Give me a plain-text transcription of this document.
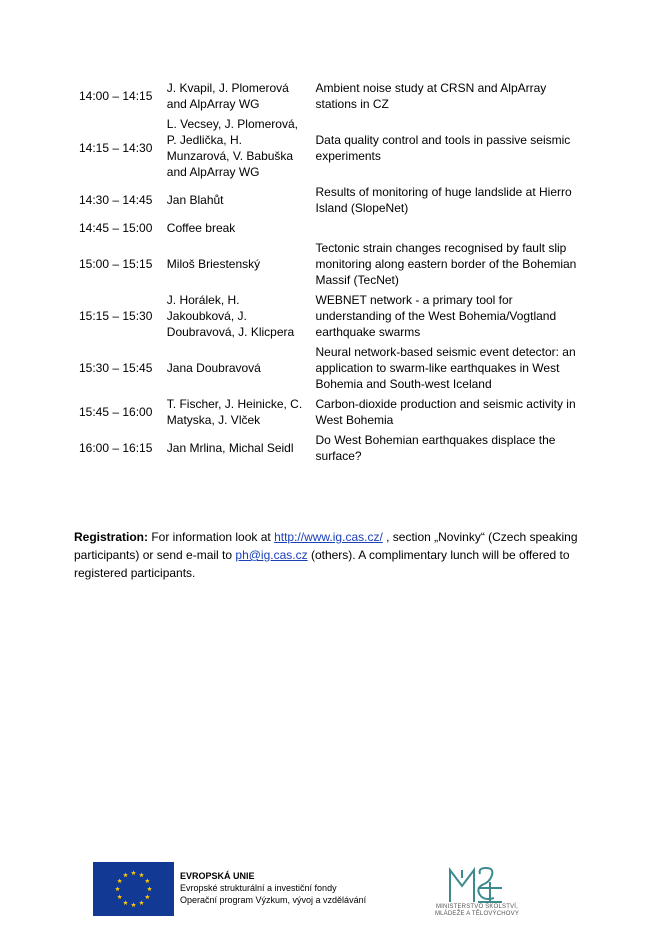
14:00 – 14:15	J. Kvapil, J. Plomerová and AlpArray WG	Ambient noise study at CRSN and AlpArray stations in CZ
14:15 – 14:30	L. Vecsey, J. Plomerová, P. Jedlička, H. Munzarová, V. Babuška and AlpArray WG	Data quality control and tools in passive seismic experiments
14:30 – 14:45	Jan Blahůt	Results of monitoring of huge landslide at Hierro Island (SlopeNet)
14:45 – 15:00	Coffee break	
15:00 – 15:15	Miloš Briestenský	Tectonic strain changes recognised by fault slip monitoring along eastern border of the Bohemian Massif (TecNet)
15:15 – 15:30	J. Horálek, H. Jakoubková, J. Doubravová, J. Klicpera	WEBNET network - a primary tool for understanding of the West Bohemia/Vogtland earthquake swarms
15:30 – 15:45	Jana Doubravová	Neural network-based seismic event detector: an application to swarm-like earthquakes in West Bohemia and South-west Iceland
15:45 – 16:00	T. Fischer, J. Heinicke, C. Matyska, J. Vlček	Carbon-dioxide production and seismic activity in West Bohemia
16:00 – 16:15	Jan Mrlina, Michal Seidl	Do West Bohemian earthquakes displace the surface?
Registration: For information look at http://www.ig.cas.cz/ , section „Novinky“ (Czech speaking participants) or send e-mail to ph@ig.cas.cz (others). A complimentary lunch will be offered to registered participants.
EVROPSKÁ UNIE
Evropské strukturální a investiční fondy
Operační program Výzkum, vývoj a vzdělávání
MINISTERSTVO ŠKOLSTVÍ,
MLÁDEŽE A TĚLOVÝCHOVY
